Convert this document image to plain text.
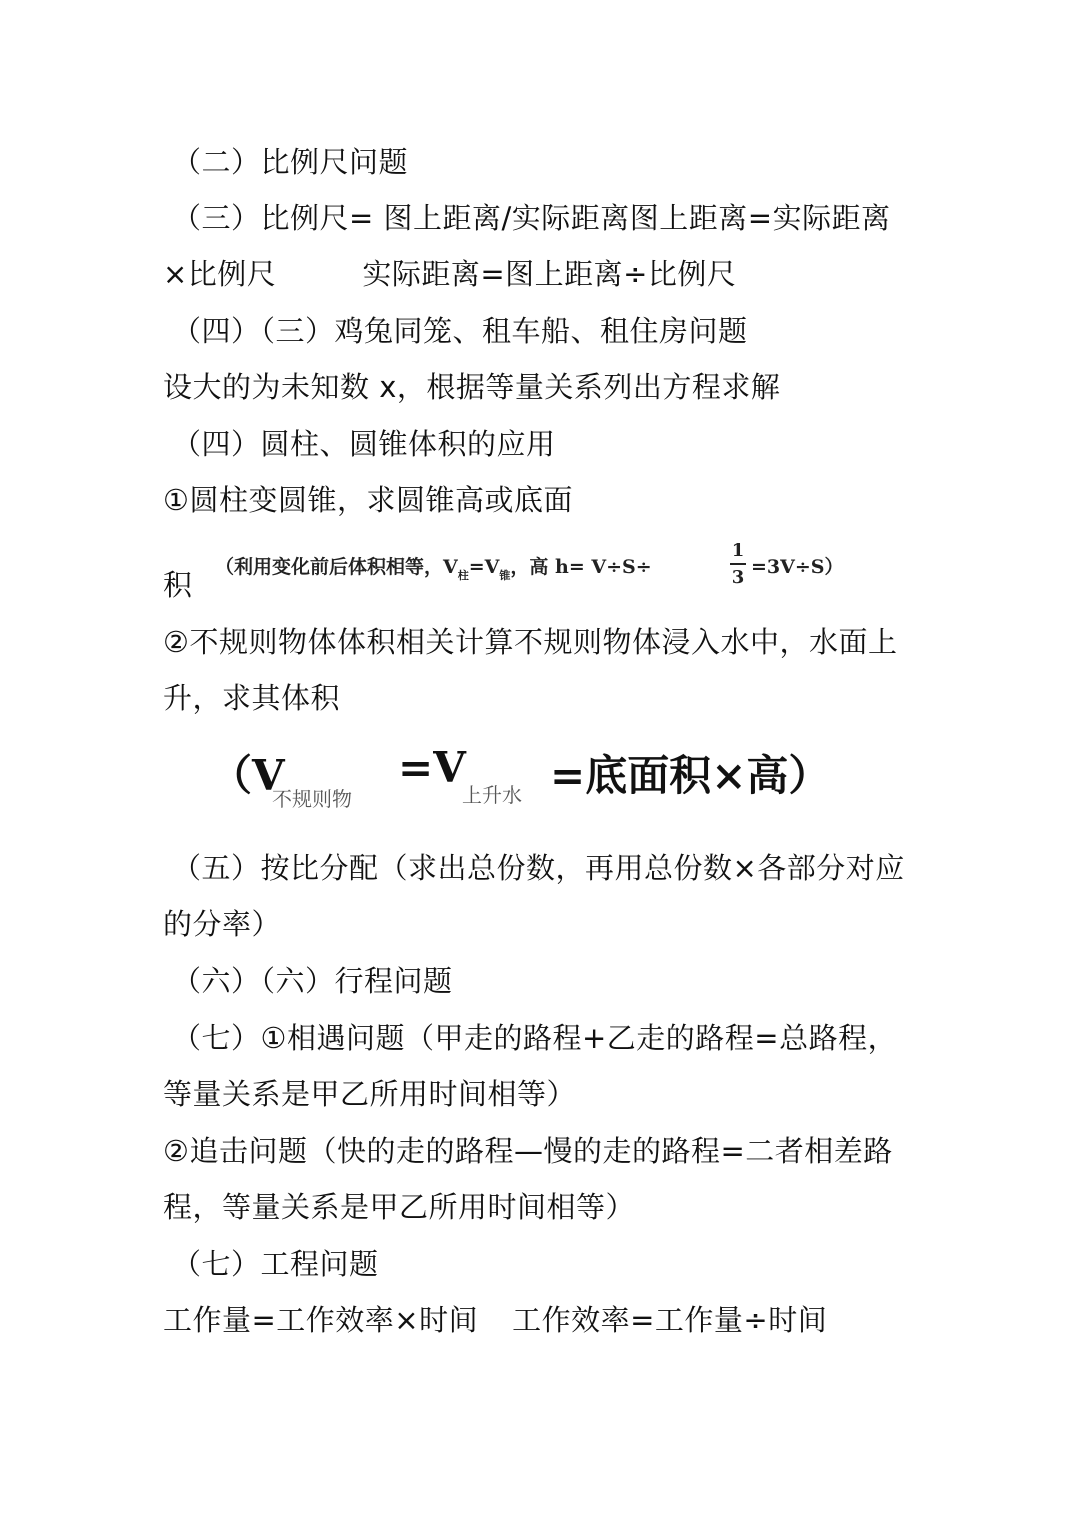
（二）比例尺问题
（三）比例尺= 图上距离/实际距离图上距离=实际距离
×比例尺	实际距离=图上距离÷比例尺
（四）（三）鸡兔同笼、租车船、租住房问题
设大的为未知数 x，根据等量关系列出方程求解
（四）圆柱、圆锥体积的应用
①圆柱变圆锥，求圆锥高或底面
积
（利用变化前后体积相等，$V_柱=V_锥$，高 h= V÷S÷
1
3 =3V÷S）
②不规则物体体积相关计算不规则物体浸入水中，水面上
升，求其体积
（V
不规则物
=V
上升水 =底面积×高）
（五）按比分配（求出总份数，再用总份数×各部分对应
的分率）
（六）（六）行程问题
（七）①相遇问题（甲走的路程+乙走的路程=总路程，
等量关系是甲乙所用时间相等）
②追击问题（快的走的路程—慢的走的路程=二者相差路
程，等量关系是甲乙所用时间相等）
（七）工程问题
工作量=工作效率×时间 工作效率=工作量÷时间
